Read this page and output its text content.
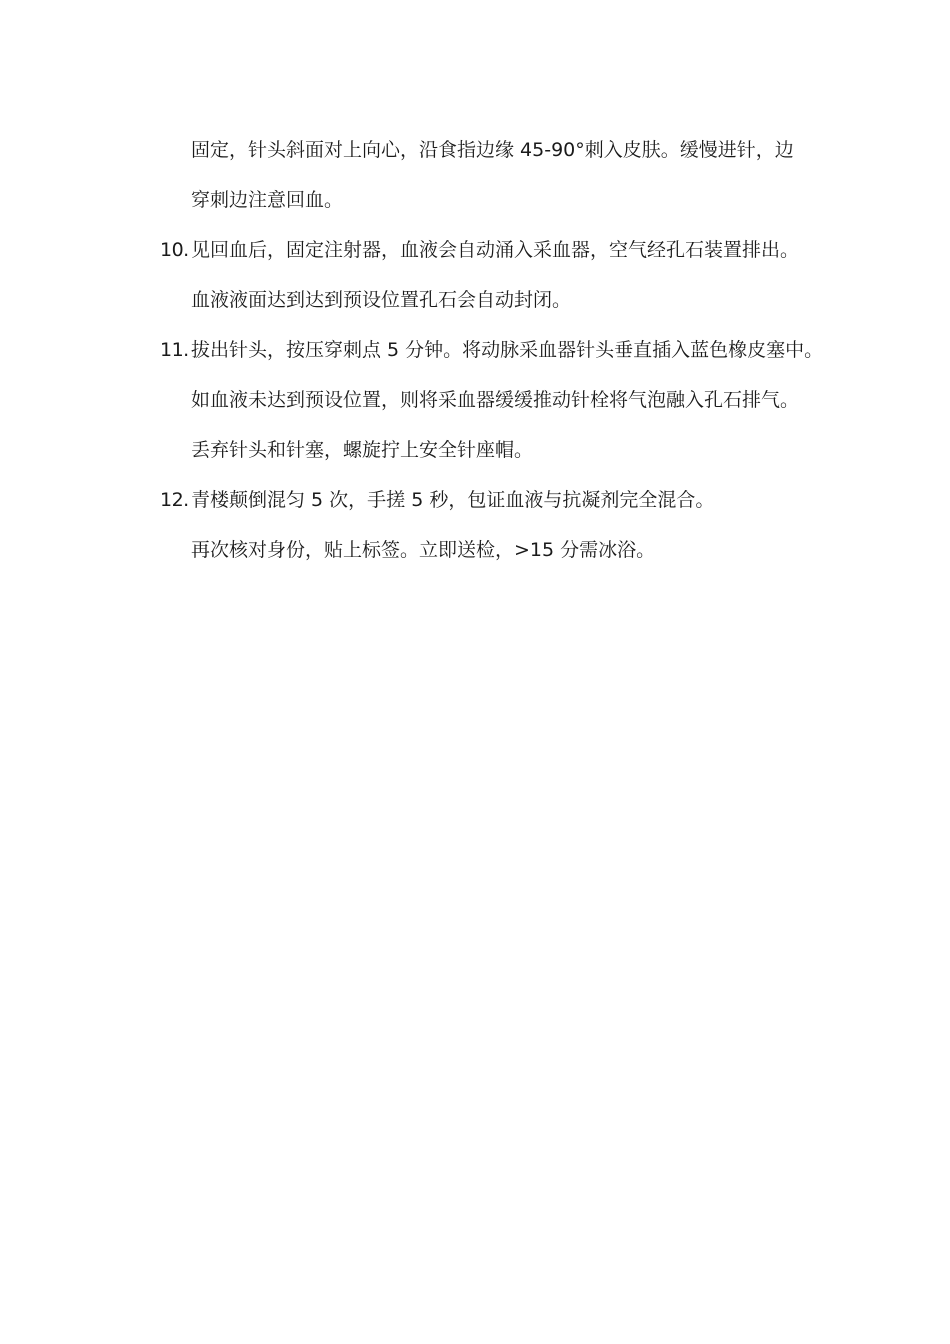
固定，针头斜面对上向心，沿食指边缘 45-90°刺入皮肤。缓慢进针，边
穿刺边注意回血。
10. 见回血后，固定注射器，血液会自动涌入采血器，空气经孔石装置排出。
血液液面达到达到预设位置孔石会自动封闭。
11. 拔出针头，按压穿刺点 5 分钟。将动脉采血器针头垂直插入蓝色橡皮塞中。
如血液未达到预设位置，则将采血器缓缓推动针栓将气泡融入孔石排气。
丢弃针头和针塞，螺旋拧上安全针座帽。
12. 青楼颠倒混匀 5 次，手搓 5 秒，包证血液与抗凝剂完全混合。
再次核对身份，贴上标签。立即送检，>15 分需冰浴。
